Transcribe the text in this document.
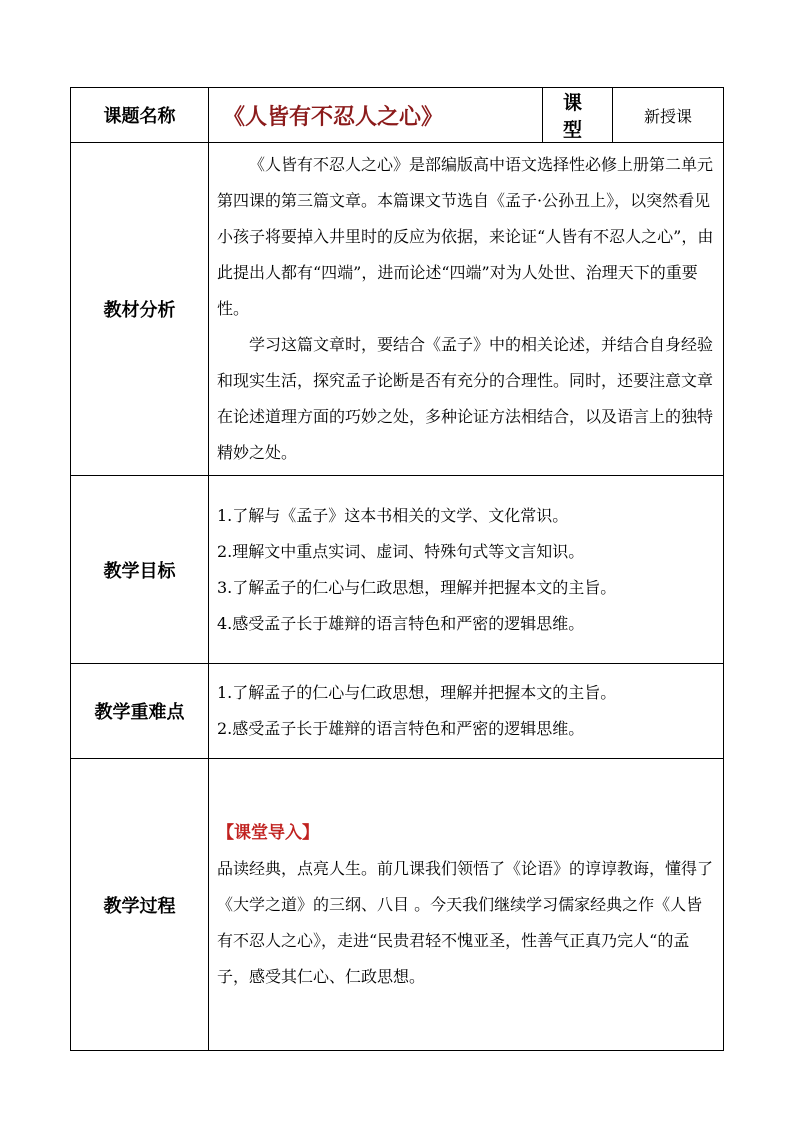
课题名称	《人皆有不忍人之心》	课 型	新授课
教材分析	《人皆有不忍人之心》是部编版高中语文选择性必修上册第二单元第四课的第三篇文章。本篇课文节选自《孟子·公孙丑上》，以突然看见小孩子将要掉入井里时的反应为依据，来论证“人皆有不忍人之心”，由此提出人都有“四端”，进而论述“四端”对为人处世、治理天下的重要性。

学习这篇文章时，要结合《孟子》中的相关论述，并结合自身经验和现实生活，探究孟子论断是否有充分的合理性。同时，还要注意文章在论述道理方面的巧妙之处，多种论证方法相结合，以及语言上的独特精妙之处。		

教学目标	1.了解与《孟子》这本书相关的文学、文化常识。
2.理解文中重点实词、虚词、特殊句式等文言知识。
3.了解孟子的仁心与仁政思想，理解并把握本文的主旨。
4.感受孟子长于雄辩的语言特色和严密的逻辑思维。		

教学重难点	1.了解孟子的仁心与仁政思想，理解并把握本文的主旨。
2.感受孟子长于雄辩的语言特色和严密的逻辑思维。		

教学过程	【课堂导入】

品读经典，点亮人生。前几课我们领悟了《论语》的谆谆教诲，懂得了《大学之道》的三纲、八目 。今天我们继续学习儒家经典之作《人皆有不忍人之心》，走进“民贵君轻不愧亚圣，性善气正真乃完人“的孟子，感受其仁心、仁政思想。		
